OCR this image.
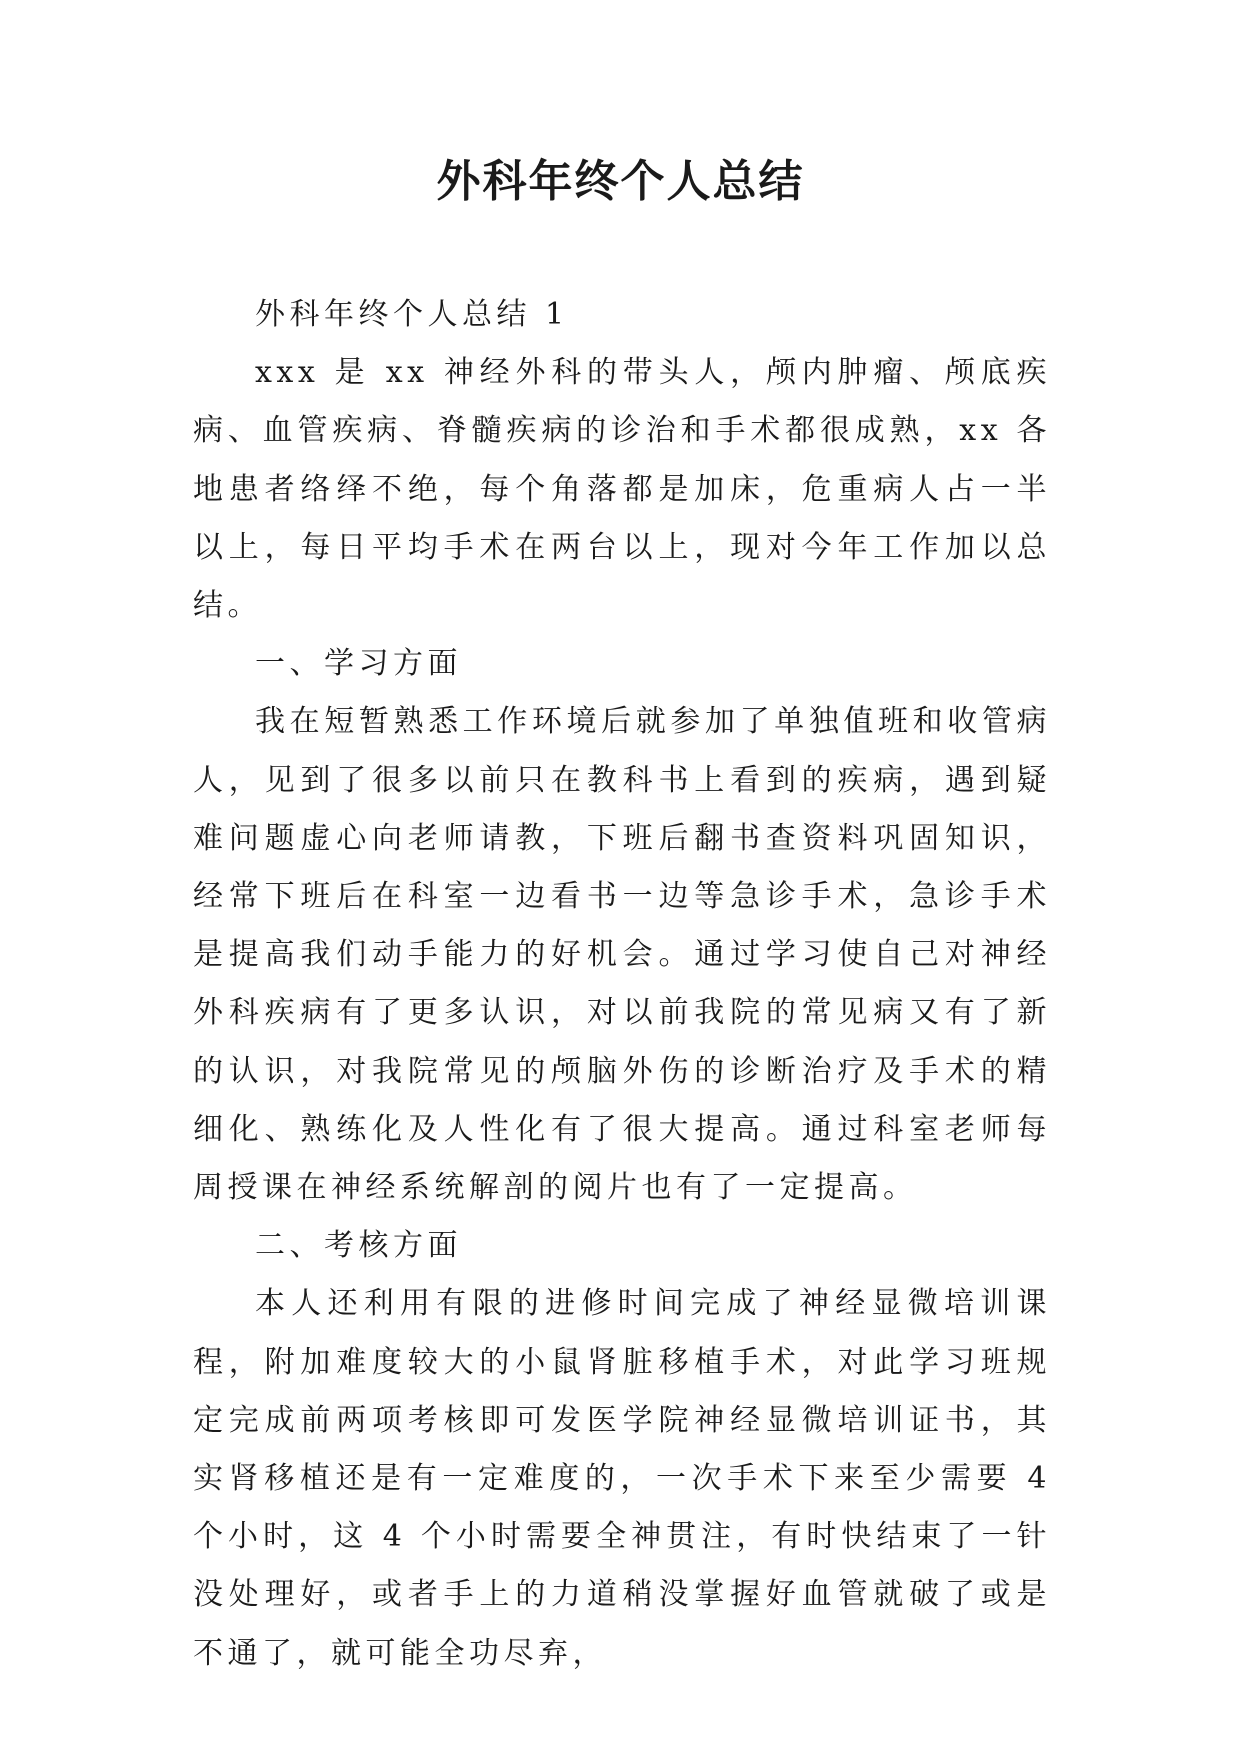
外科年终个人总结

外科年终个人总结 1

xxx 是 xx 神经外科的带头人，颅内肿瘤、颅底疾病、血管疾病、脊髓疾病的诊治和手术都很成熟，xx 各地患者络绎不绝，每个角落都是加床，危重病人占一半以上，每日平均手术在两台以上，现对今年工作加以总结。

一、学习方面

我在短暂熟悉工作环境后就参加了单独值班和收管病人，见到了很多以前只在教科书上看到的疾病，遇到疑难问题虚心向老师请教，下班后翻书查资料巩固知识，经常下班后在科室一边看书一边等急诊手术，急诊手术是提高我们动手能力的好机会。通过学习使自己对神经外科疾病有了更多认识，对以前我院的常见病又有了新的认识，对我院常见的颅脑外伤的诊断治疗及手术的精细化、熟练化及人性化有了很大提高。通过科室老师每周授课在神经系统解剖的阅片也有了一定提高。

二、考核方面

本人还利用有限的进修时间完成了神经显微培训课程，附加难度较大的小鼠肾脏移植手术，对此学习班规定完成前两项考核即可发医学院神经显微培训证书，其实肾移植还是有一定难度的，一次手术下来至少需要 4 个小时，这 4 个小时需要全神贯注，有时快结束了一针没处理好，或者手上的力道稍没掌握好血管就破了或是不通了，就可能全功尽弃，
